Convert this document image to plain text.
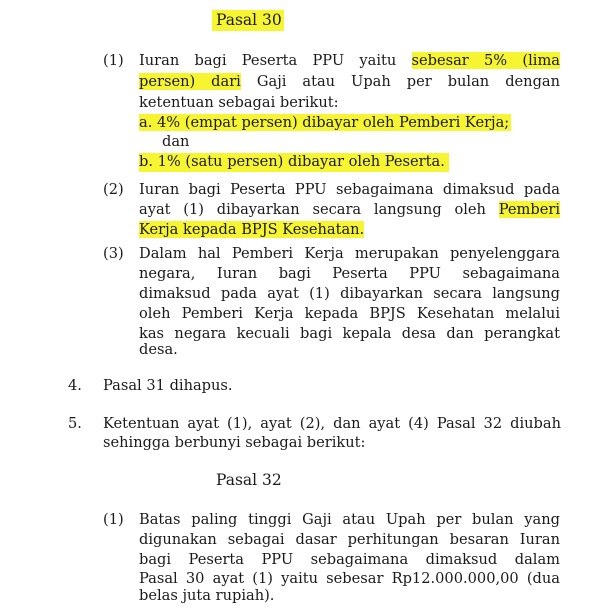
Pasal 30
(1) Iuran bagi Peserta PPU yaitu sebesar 5% (lima
persen) dari Gaji atau Upah per bulan dengan
ketentuan sebagai berikut:
a. 4% (empat persen) dibayar oleh Pemberi Kerja;
dan
b. 1% (satu persen) dibayar oleh Peserta.
(2) Iuran bagi Peserta PPU sebagaimana dimaksud pada
ayat (1) dibayarkan secara langsung oleh Pemberi
Kerja kepada BPJS Kesehatan.
(3) Dalam hal Pemberi Kerja merupakan penyelenggara
negara, Iuran bagi Peserta PPU sebagaimana
dimaksud pada ayat (1) dibayarkan secara langsung
oleh Pemberi Kerja kepada BPJS Kesehatan melalui
kas negara kecuali bagi kepala desa dan perangkat
desa.
4. Pasal 31 dihapus.
5. Ketentuan ayat (1), ayat (2), dan ayat (4) Pasal 32 diubah
sehingga berbunyi sebagai berikut:
Pasal 32
(1) Batas paling tinggi Gaji atau Upah per bulan yang
digunakan sebagai dasar perhitungan besaran Iuran
bagi Peserta PPU sebagaimana dimaksud dalam
Pasal 30 ayat (1) yaitu sebesar Rp12.000.000,00 (dua
belas juta rupiah).
